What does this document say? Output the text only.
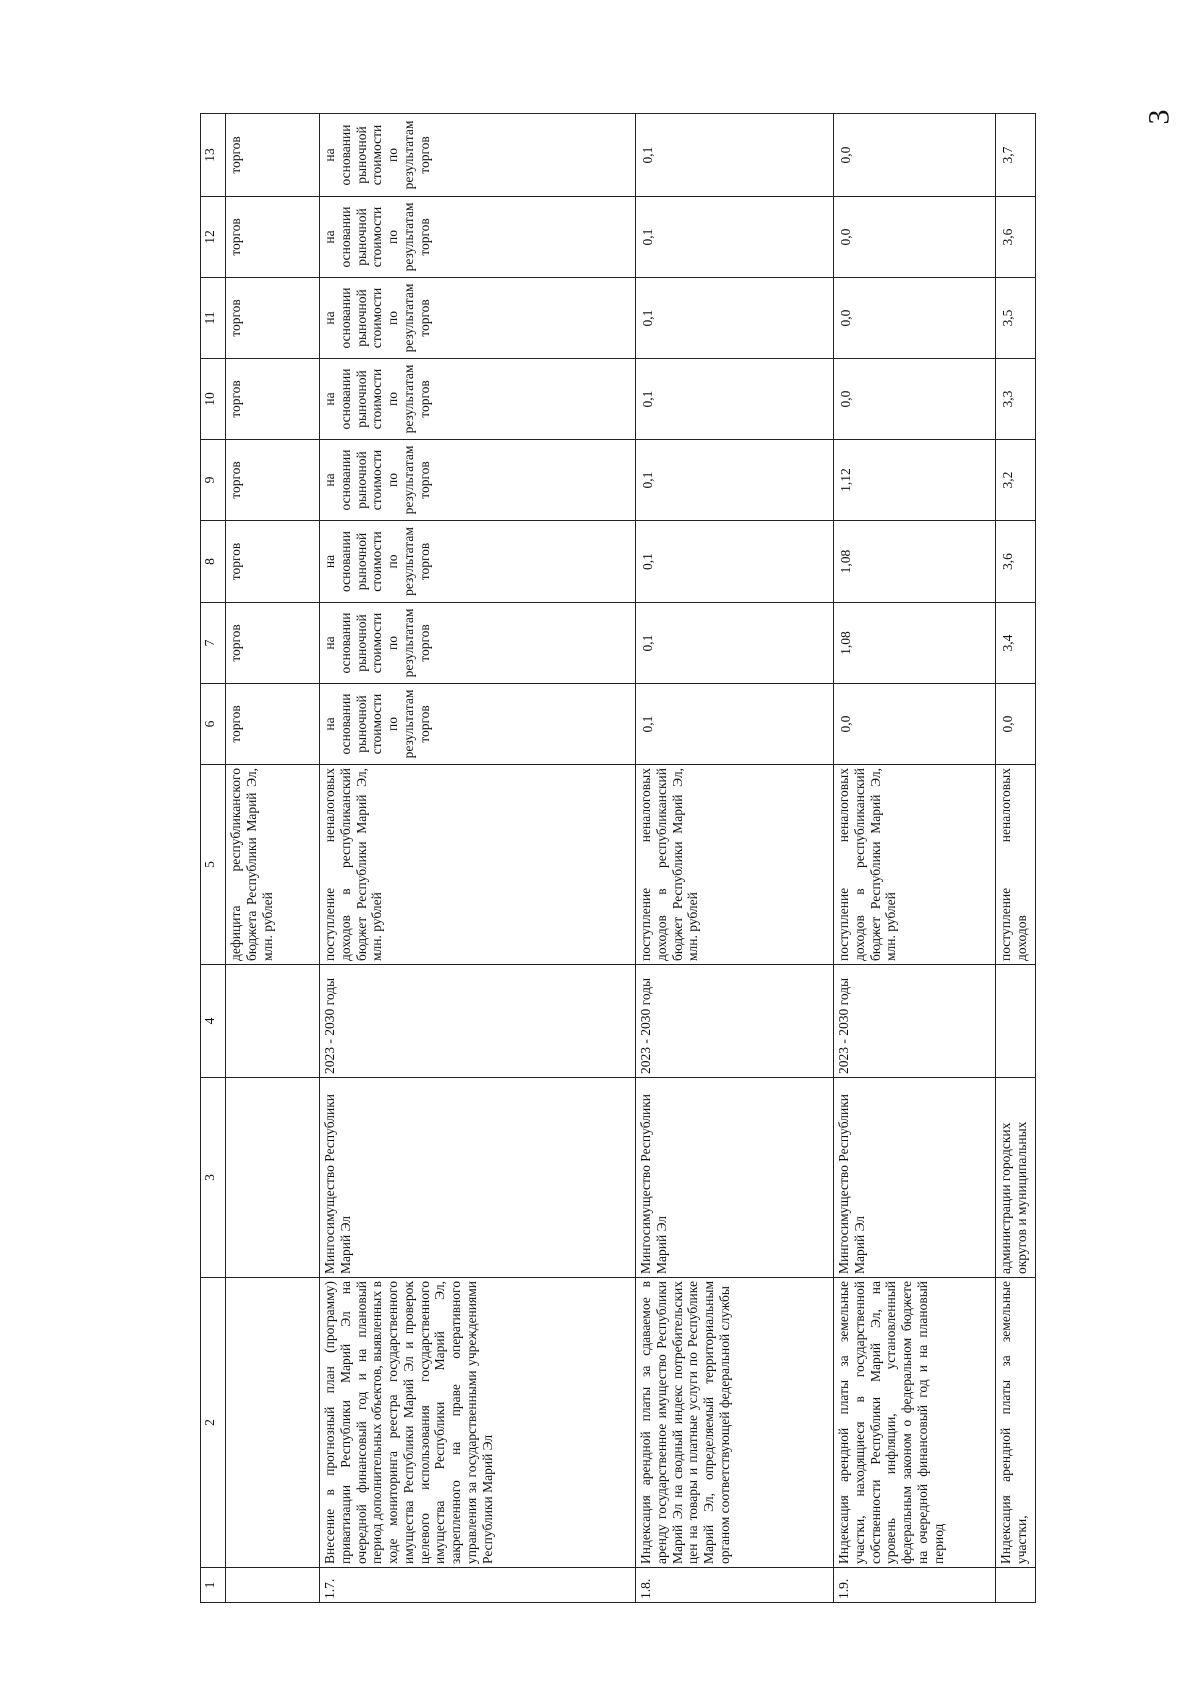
3
1	2	3	4	5	6	7	8	9	10	11	12	13
				дефицита республиканского бюджета Республики Марий Эл, млн. рублей	торгов	торгов	торгов	торгов	торгов	торгов	торгов	торгов
1.7.	Внесение в прогнозный план (программу) приватизации Республики Марий Эл на очередной финансовый год и на плановый период дополнительных объектов, выявленных в ходе мониторинга реестра государственного имущества Республики Марий Эл и проверок целевого использования государственного имущества Республики Марий Эл, закрепленного на праве оперативного управления за государственными учреждениями Республики Марий Эл	Мингосимущество Республики Марий Эл	2023 - 2030 годы	поступление неналоговых доходов в республиканский бюджет Республики Марий Эл, млн. рублей	на основании рыночной стоимости по результатам торгов	на основании рыночной стоимости по результатам торгов	на основании рыночной стоимости по результатам торгов	на основании рыночной стоимости по результатам торгов	на основании рыночной стоимости по результатам торгов	на основании рыночной стоимости по результатам торгов	на основании рыночной стоимости по результатам торгов	на основании рыночной стоимости по результатам торгов
1.8.	Индексация арендной платы за сдаваемое в аренду государственное имущество Республики Марий Эл на сводный индекс потребительских цен на товары и платные услуги по Республике Марий Эл, определяемый территориальным органом соответствующей федеральной службы	Мингосимущество Республики Марий Эл	2023 - 2030 годы	поступление неналоговых доходов в республиканский бюджет Республики Марий Эл, млн. рублей	0,1	0,1	0,1	0,1	0,1	0,1	0,1	0,1
1.9.	Индексация арендной платы за земельные участки, находящиеся в государственной собственности Республики Марий Эл, на уровень инфляции, установленный федеральным законом о федеральном бюджете на очередной финансовый год и на плановый период	Мингосимущество Республики Марий Эл	2023 - 2030 годы	поступление неналоговых доходов в республиканский бюджет Республики Марий Эл, млн. рублей	0,0	1,08	1,08	1,12	0,0	0,0	0,0	0,0
	Индексация арендной платы за земельные участки,	администрации городских округов и муниципальных		поступление неналоговых доходов	0,0	3,4	3,6	3,2	3,3	3,5	3,6	3,7
